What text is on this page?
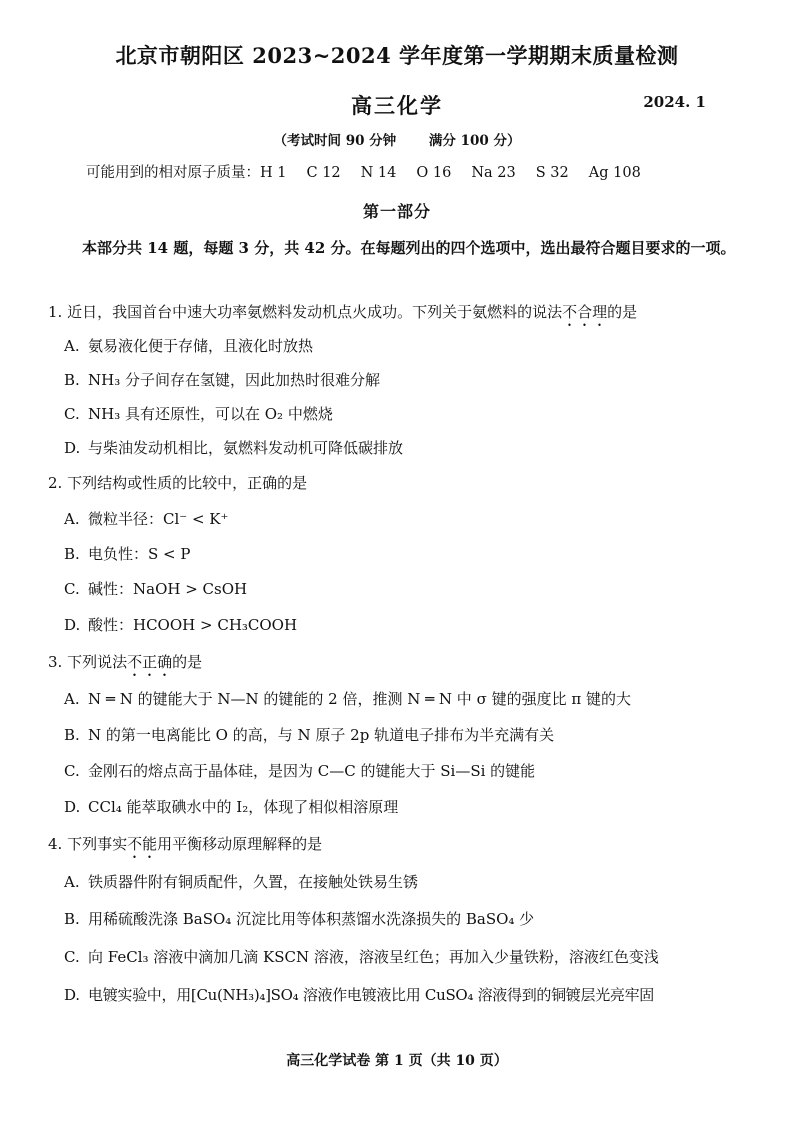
北京市朝阳区 2023~2024 学年度第一学期期末质量检测
高三化学	2024. 1
（考试时间 90 分钟 满分 100 分）
可能用到的相对原子质量：H 1 C 12 N 14 O 16 Na 23 S 32 Ag 108
第一部分
本部分共 14 题，每题 3 分，共 42 分。在每题列出的四个选项中，选出最符合题目要求的一项。
1. 近日，我国首台中速大功率氨燃料发动机点火成功。下列关于氨燃料的说法不合理的是
A. 氨易液化便于存储，且液化时放热
B. NH₃ 分子间存在氢键，因此加热时很难分解
C. NH₃ 具有还原性，可以在 O₂ 中燃烧
D. 与柴油发动机相比，氨燃料发动机可降低碳排放
2. 下列结构或性质的比较中，正确的是
A. 微粒半径：Cl⁻ < K⁺
B. 电负性：S < P
C. 碱性：NaOH > CsOH
D. 酸性：HCOOH > CH₃COOH
3. 下列说法不正确的是
A. N ═ N 的键能大于 N—N 的键能的 2 倍，推测 N ═ N 中 σ 键的强度比 π 键的大
B. N 的第一电离能比 O 的高，与 N 原子 2p 轨道电子排布为半充满有关
C. 金刚石的熔点高于晶体硅，是因为 C—C 的键能大于 Si—Si 的键能
D. CCl₄ 能萃取碘水中的 I₂，体现了相似相溶原理
4. 下列事实不能用平衡移动原理解释的是
A. 铁质器件附有铜质配件，久置，在接触处铁易生锈
B. 用稀硫酸洗涤 BaSO₄ 沉淀比用等体积蒸馏水洗涤损失的 BaSO₄ 少
C. 向 FeCl₃ 溶液中滴加几滴 KSCN 溶液，溶液呈红色；再加入少量铁粉，溶液红色变浅
D. 电镀实验中，用[Cu(NH₃)₄]SO₄ 溶液作电镀液比用 CuSO₄ 溶液得到的铜镀层光亮牢固
高三化学试卷 第 1 页（共 10 页）
